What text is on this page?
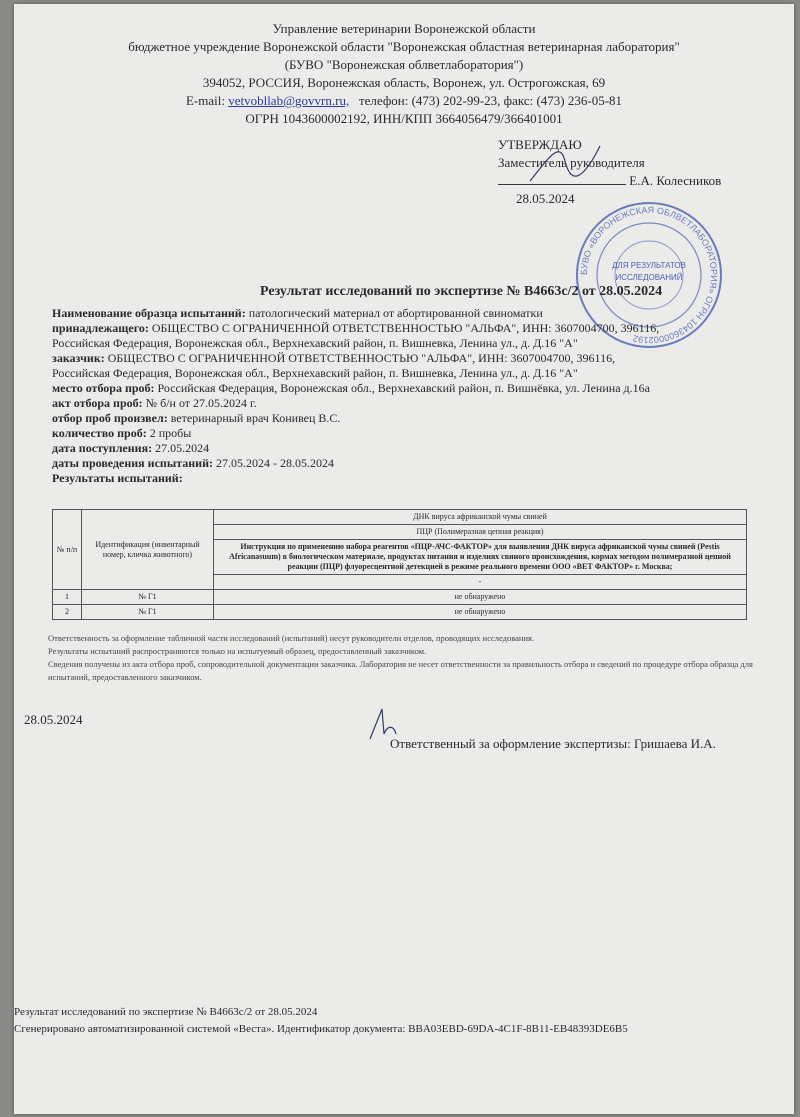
Управление ветеринарии Воронежской области
бюджетное учреждение Воронежской области "Воронежская областная ветеринарная лаборатория"
(БУВО "Воронежская облветлаборатория")
394052, РОССИЯ, Воронежская область, Воронеж, ул. Острогожская, 69
E-mail: vetvobllab@govvrn.ru, телефон: (473) 202-99-23, факс: (473) 236-05-81
ОГРН 1043600002192, ИНН/КПП 3664056479/366401001
УТВЕРЖДАЮ
Заместитель руководителя
Е.А. Колесников
28.05.2024
БУВО «ВОРОНЕЖСКАЯ ОБЛВЕТЛАБОРАТОРИЯ» ОГРН 1043600002192
ДЛЯ РЕЗУЛЬТАТОВ
ИССЛЕДОВАНИЙ
Результат исследований по экспертизе № В4663с/2 от 28.05.2024
Наименование образца испытаний: патологический материал от абортированной свиноматки
принадлежащего: ОБЩЕСТВО С ОГРАНИЧЕННОЙ ОТВЕТСТВЕННОСТЬЮ "АЛЬФА", ИНН: 3607004700, 396116,
Российская Федерация, Воронежская обл., Верхнехавский район, п. Вишневка, Ленина ул., д. Д.16 "А"
заказчик: ОБЩЕСТВО С ОГРАНИЧЕННОЙ ОТВЕТСТВЕННОСТЬЮ "АЛЬФА", ИНН: 3607004700, 396116,
Российская Федерация, Воронежская обл., Верхнехавский район, п. Вишневка, Ленина ул., д. Д.16 "А"
место отбора проб: Российская Федерация, Воронежская обл., Верхнехавский район, п. Вишнёвка, ул. Ленина д.16а
акт отбора проб: № б/н от 27.05.2024 г.
отбор проб произвел: ветеринарный врач Конивец В.С.
количество проб: 2 пробы
дата поступления: 27.05.2024
даты проведения испытаний: 27.05.2024 - 28.05.2024
Результаты испытаний:
№ п/п	Идентификация (инвентарный номер, кличка животного)	ДНК вируса африканской чумы свиней
		ПЦР (Полимеразная цепная реакция)
		Инструкция по применению набора реагентов «ПЦР-АЧС-ФАКТОР» для выявления ДНК вируса африканской чумы свиней (Pestis Africanasuum) в биологическом материале, продуктах питания и изделиях свиного происхождения, кормах методом полимеразной цепной реакции (ПЦР) флуоресцентной детекцией в режиме реального времени ООО «ВЕТ ФАКТОР» г. Москва;
		-
1	№ Г1	не обнаружено
2	№ Г1	не обнаружено
Ответственность за оформление табличной части исследований (испытаний) несут руководители отделов, проводящих исследования.
Результаты испытаний распространяются только на испытуемый образец, предоставленный заказчиком.
Сведения получены из акта отбора проб, сопроводительной документации заказчика. Лаборатория не несет ответственности за правильность отбора и сведений по процедуре отбора образца для испытаний, предоставленного заказчиком.
28.05.2024
Ответственный за оформление экспертизы: Гришаева И.А.
Результат исследований по экспертизе № В4663с/2 от 28.05.2024
Сгенерировано автоматизированной системой «Веста». Идентификатор документа: BBA03EBD-69DA-4C1F-8B11-EB48393DE6B5
